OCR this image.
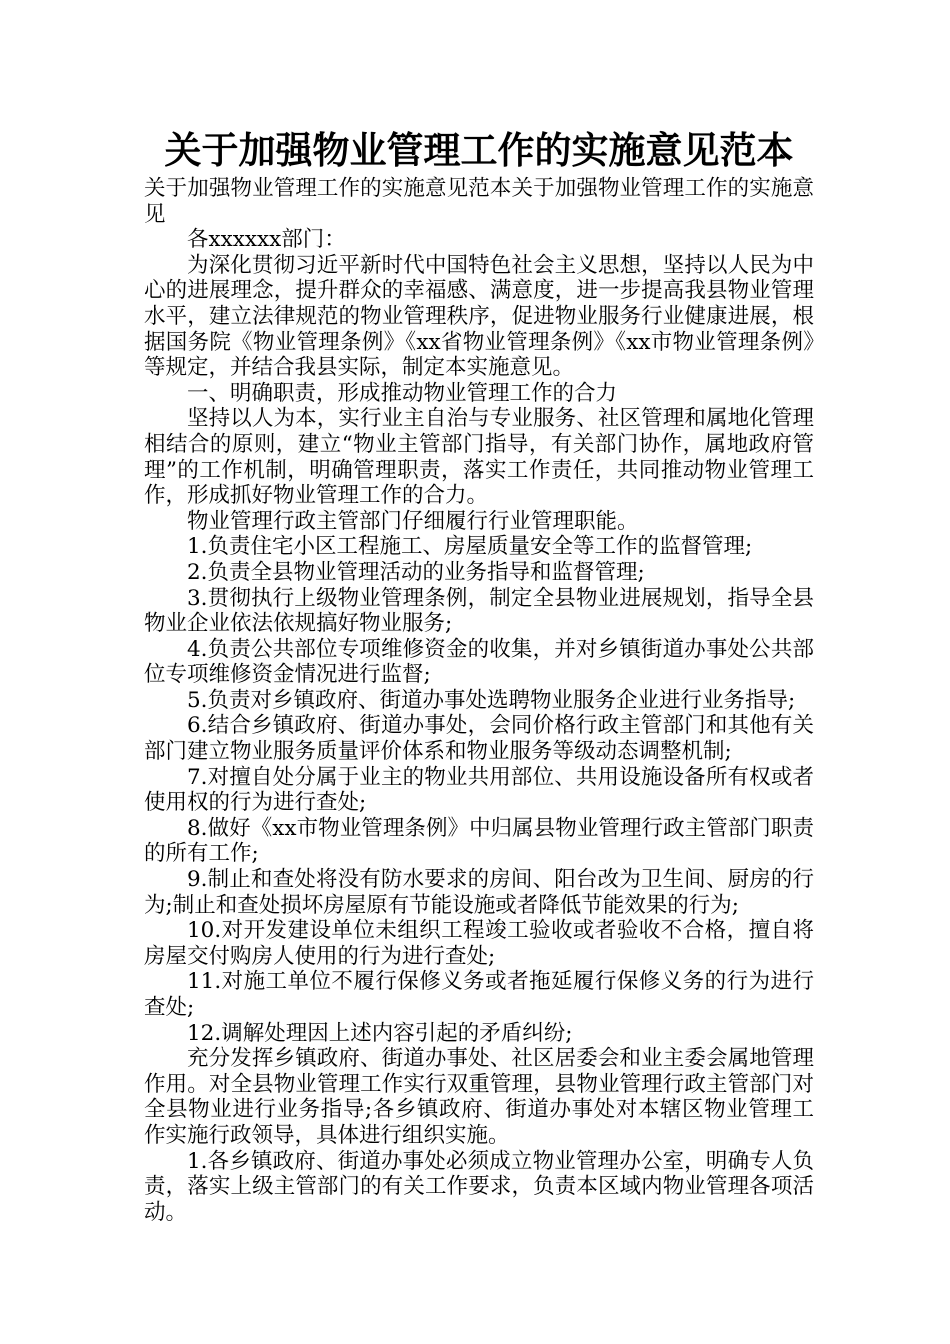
关于加强物业管理工作的实施意见范本

关于加强物业管理工作的实施意见范本关于加强物业管理工作的实施意见

各xxxxxx部门：

为深化贯彻习近平新时代中国特色社会主义思想，坚持以人民为中心的进展理念，提升群众的幸福感、满意度，进一步提高我县物业管理水平，建立法律规范的物业管理秩序，促进物业服务行业健康进展，根据国务院《物业管理条例》《xx省物业管理条例》《xx市物业管理条例》等规定，并结合我县实际，制定本实施意见。

一、明确职责，形成推动物业管理工作的合力

坚持以人为本，实行业主自治与专业服务、社区管理和属地化管理相结合的原则，建立“物业主管部门指导，有关部门协作，属地政府管理”的工作机制，明确管理职责，落实工作责任，共同推动物业管理工作，形成抓好物业管理工作的合力。

物业管理行政主管部门仔细履行行业管理职能。

1.负责住宅小区工程施工、房屋质量安全等工作的监督管理;

2.负责全县物业管理活动的业务指导和监督管理;

3.贯彻执行上级物业管理条例，制定全县物业进展规划，指导全县物业企业依法依规搞好物业服务;

4.负责公共部位专项维修资金的收集，并对乡镇街道办事处公共部位专项维修资金情况进行监督;

5.负责对乡镇政府、街道办事处选聘物业服务企业进行业务指导;

6.结合乡镇政府、街道办事处，会同价格行政主管部门和其他有关部门建立物业服务质量评价体系和物业服务等级动态调整机制;

7.对擅自处分属于业主的物业共用部位、共用设施设备所有权或者使用权的行为进行查处;

8.做好《xx市物业管理条例》中归属县物业管理行政主管部门职责的所有工作;

9.制止和查处将没有防水要求的房间、阳台改为卫生间、厨房的行为;制止和查处损坏房屋原有节能设施或者降低节能效果的行为;

10.对开发建设单位未组织工程竣工验收或者验收不合格，擅自将房屋交付购房人使用的行为进行查处;

11.对施工单位不履行保修义务或者拖延履行保修义务的行为进行查处;

12.调解处理因上述内容引起的矛盾纠纷;

充分发挥乡镇政府、街道办事处、社区居委会和业主委会属地管理作用。对全县物业管理工作实行双重管理，县物业管理行政主管部门对全县物业进行业务指导;各乡镇政府、街道办事处对本辖区物业管理工作实施行政领导，具体进行组织实施。

1.各乡镇政府、街道办事处必须成立物业管理办公室，明确专人负责，落实上级主管部门的有关工作要求，负责本区域内物业管理各项活动。
